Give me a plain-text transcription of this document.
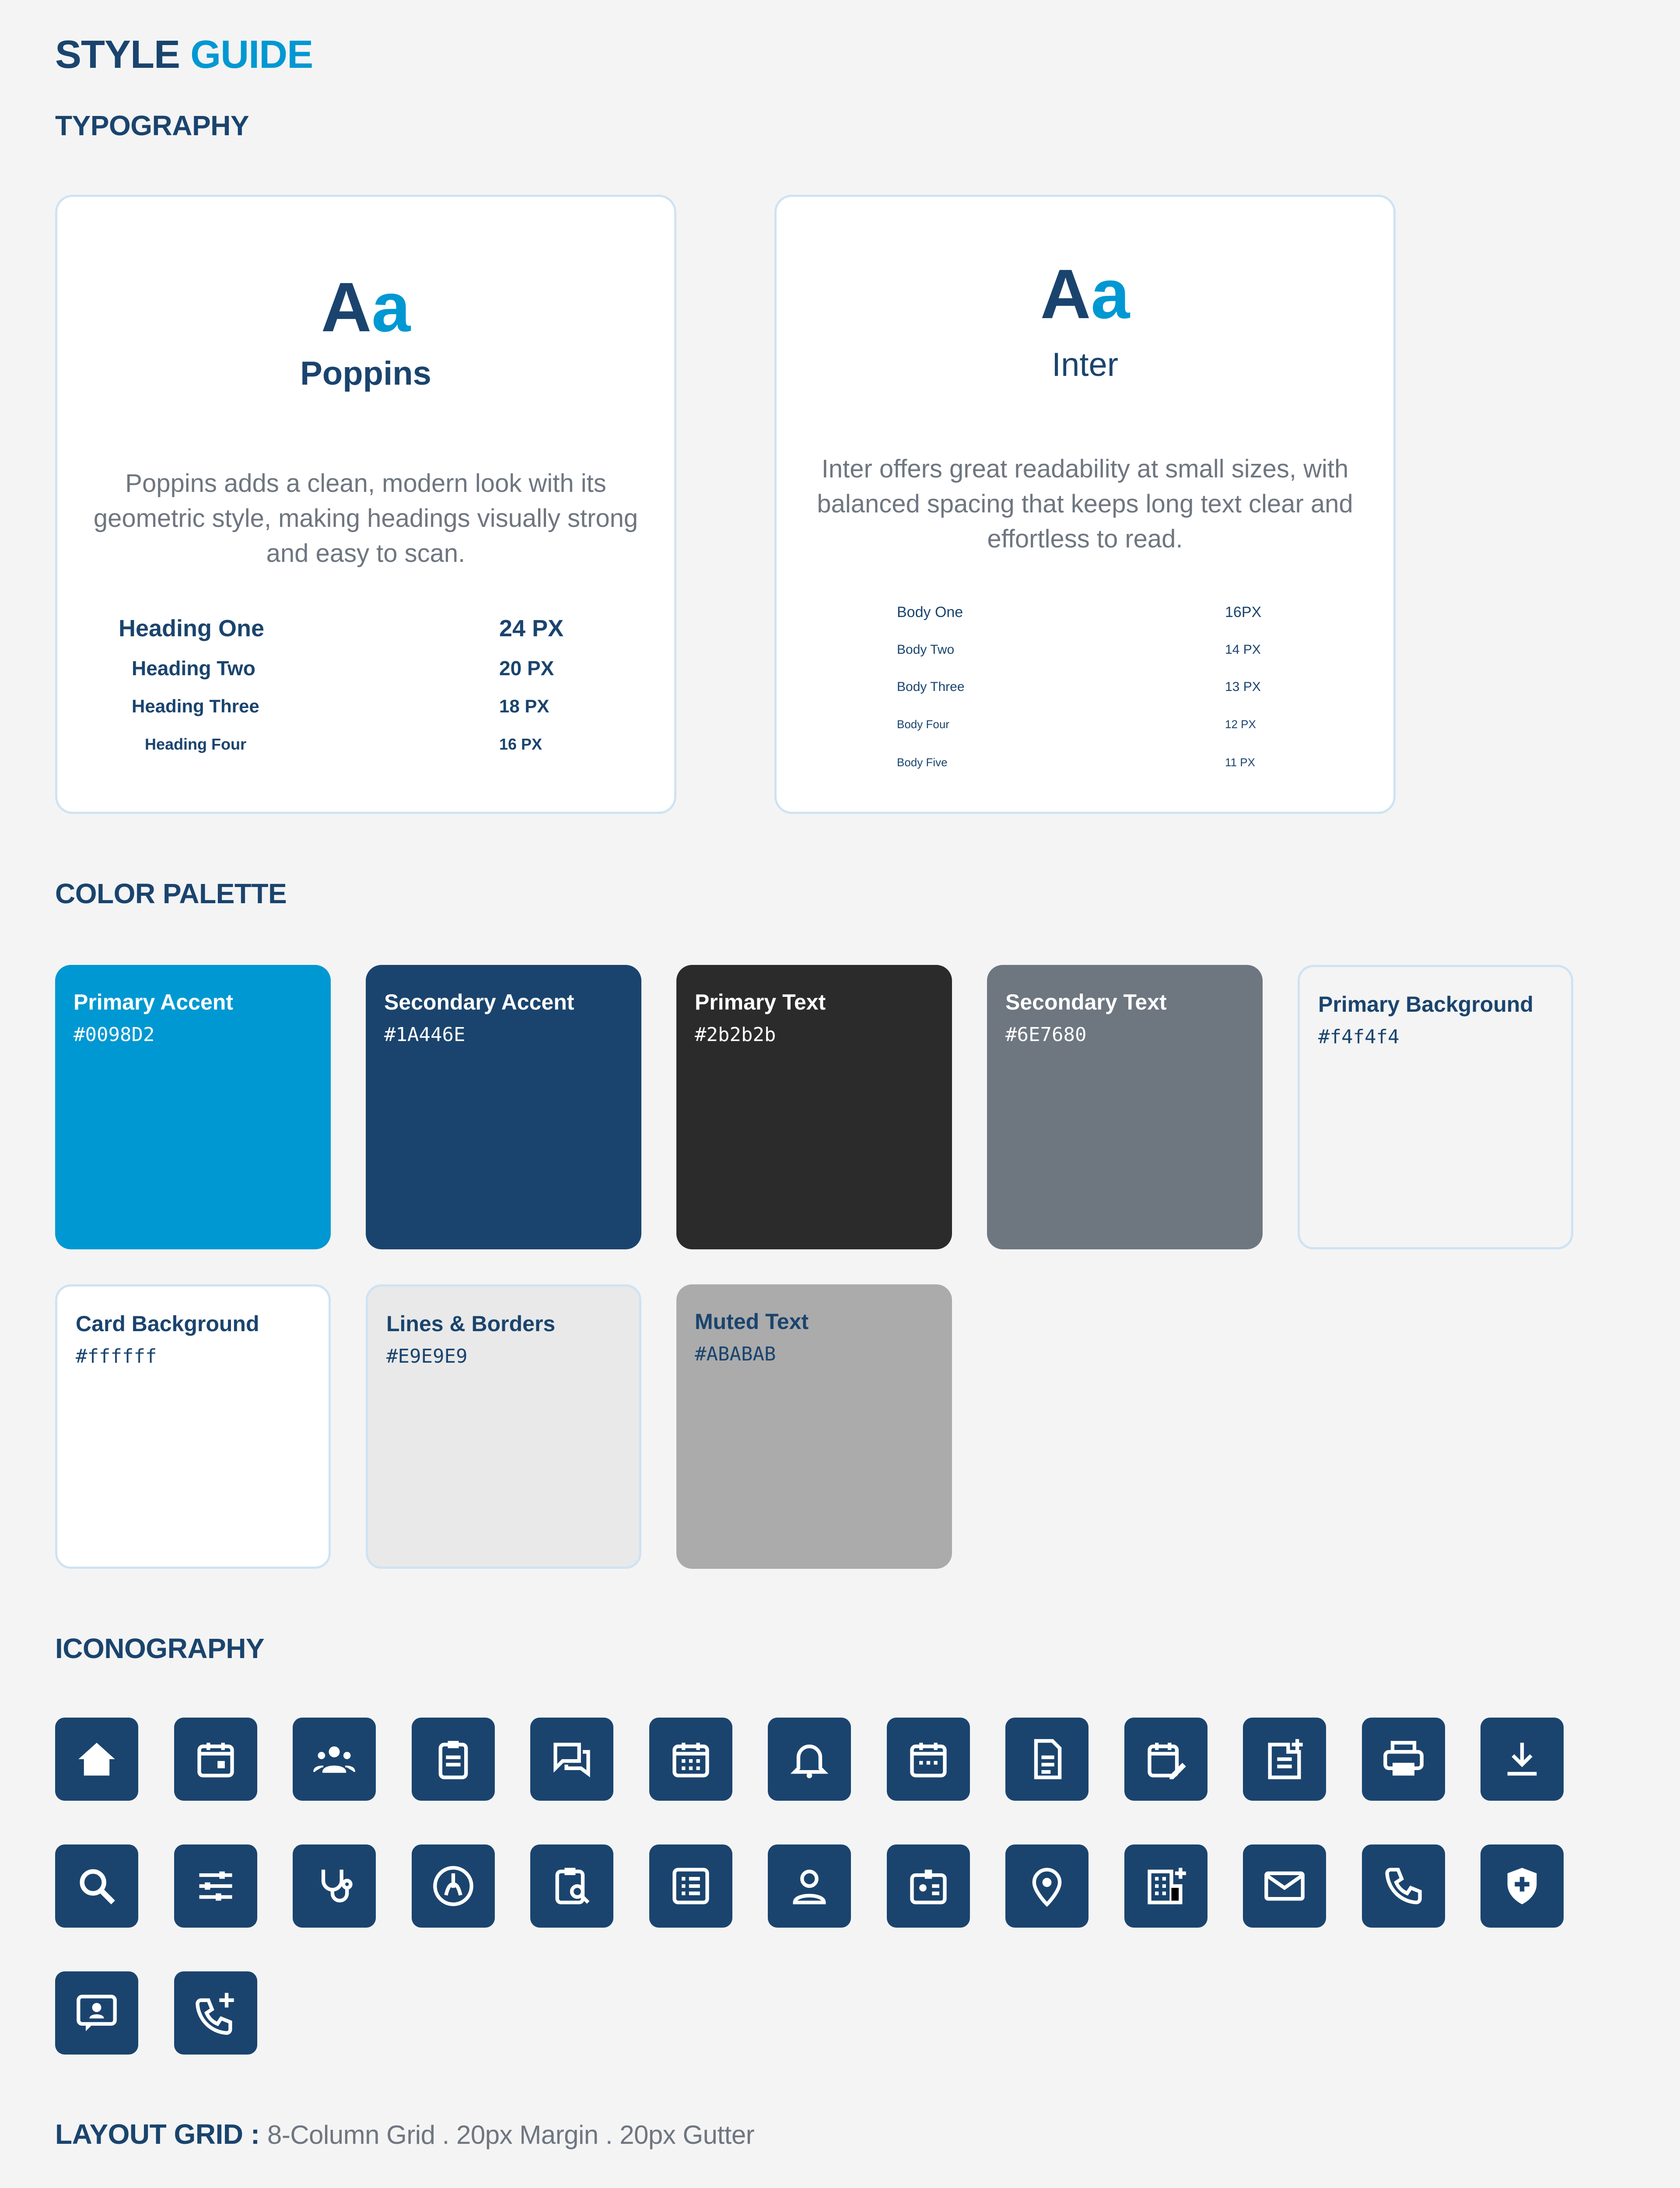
STYLE GUIDE
TYPOGRAPHY
Aa
Poppins
Poppins adds a clean, modern look with its geometric style, making headings visually strong and easy to scan.
Heading One	24 PX
Heading Two	20 PX
Heading Three	18 PX
Heading Four	16 PX
Aa
Inter
Inter offers great readability at small sizes, with balanced spacing that keeps long text clear and effortless to read.
Body One	16PX
Body Two	14 PX
Body Three	13 PX
Body Four	12 PX
Body Five	11 PX
COLOR PALETTE
Primary Accent
#0098D2
Secondary Accent
#1A446E
Primary Text
#2b2b2b
Secondary Text
#6E7680
Primary Background
#f4f4f4
Card Background
#ffffff
Lines & Borders
#E9E9E9
Muted Text
#ABABAB
ICONOGRAPHY
LAYOUT GRID : 8-Column Grid . 20px Margin . 20px Gutter
